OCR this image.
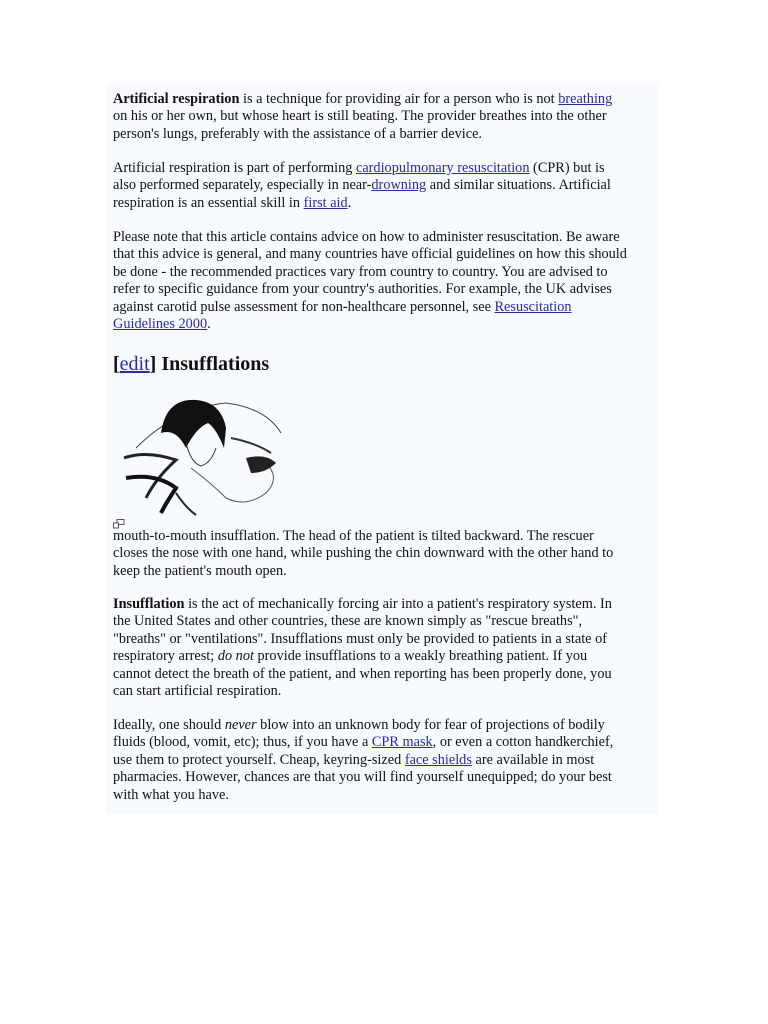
Artificial respiration is a technique for providing air for a person who is not breathing
on his or her own, but whose heart is still beating. The provider breathes into the other
person's lungs, preferably with the assistance of a barrier device.
Artificial respiration is part of performing cardiopulmonary resuscitation (CPR) but is
also performed separately, especially in near-drowning and similar situations. Artificial
respiration is an essential skill in first aid.
Please note that this article contains advice on how to administer resuscitation. Be aware
that this advice is general, and many countries have official guidelines on how this should
be done - the recommended practices vary from country to country. You are advised to
refer to specific guidance from your country's authorities. For example, the UK advises
against carotid pulse assessment for non-healthcare personnel, see Resuscitation
Guidelines 2000.
[edit] Insufflations
mouth-to-mouth insufflation. The head of the patient is tilted backward. The rescuer
closes the nose with one hand, while pushing the chin downward with the other hand to
keep the patient's mouth open.
Insufflation is the act of mechanically forcing air into a patient's respiratory system. In
the United States and other countries, these are known simply as "rescue breaths",
"breaths" or "ventilations". Insufflations must only be provided to patients in a state of
respiratory arrest; do not provide insufflations to a weakly breathing patient. If you
cannot detect the breath of the patient, and when reporting has been properly done, you
can start artificial respiration.
Ideally, one should never blow into an unknown body for fear of projections of bodily
fluids (blood, vomit, etc); thus, if you have a CPR mask, or even a cotton handkerchief,
use them to protect yourself. Cheap, keyring-sized face shields are available in most
pharmacies. However, chances are that you will find yourself unequipped; do your best
with what you have.
